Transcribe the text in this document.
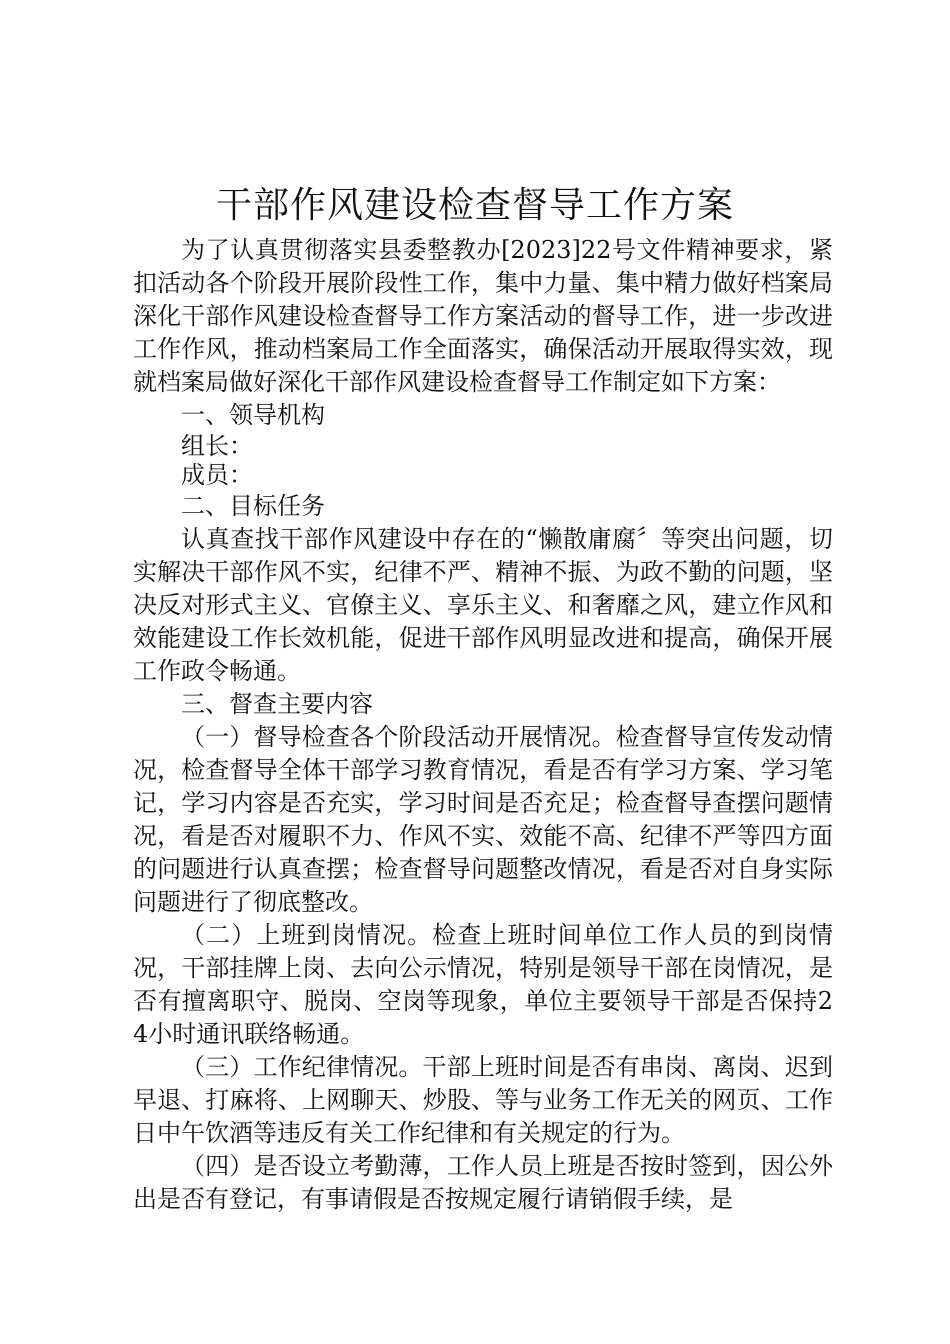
干部作风建设检查督导工作方案

为了认真贯彻落实县委整教办[2023]22号文件精神要求，紧扣活动各个阶段开展阶段性工作，集中力量、集中精力做好档案局深化干部作风建设检查督导工作方案活动的督导工作，进一步改进工作作风，推动档案局工作全面落实，确保活动开展取得实效，现就档案局做好深化干部作风建设检查督导工作制定如下方案：

一、领导机构

组长：

成员：

二、目标任务

认真查找干部作风建设中存在的“懒散庸腐〞等突出问题，切实解决干部作风不实，纪律不严、精神不振、为政不勤的问题，坚决反对形式主义、官僚主义、享乐主义、和奢靡之风，建立作风和效能建设工作长效机能，促进干部作风明显改进和提高，确保开展工作政令畅通。

三、督查主要内容

（一）督导检查各个阶段活动开展情况。检查督导宣传发动情况，检查督导全体干部学习教育情况，看是否有学习方案、学习笔记，学习内容是否充实，学习时间是否充足；检查督导查摆问题情况，看是否对履职不力、作风不实、效能不高、纪律不严等四方面的问题进行认真查摆；检查督导问题整改情况，看是否对自身实际问题进行了彻底整改。

（二）上班到岗情况。检查上班时间单位工作人员的到岗情况，干部挂牌上岗、去向公示情况，特别是领导干部在岗情况，是否有擅离职守、脱岗、空岗等现象，单位主要领导干部是否保持24小时通讯联络畅通。

（三）工作纪律情况。干部上班时间是否有串岗、离岗、迟到早退、打麻将、上网聊天、炒股、等与业务工作无关的网页、工作日中午饮酒等违反有关工作纪律和有关规定的行为。

（四）是否设立考勤薄，工作人员上班是否按时签到，因公外出是否有登记，有事请假是否按规定履行请销假手续，是
